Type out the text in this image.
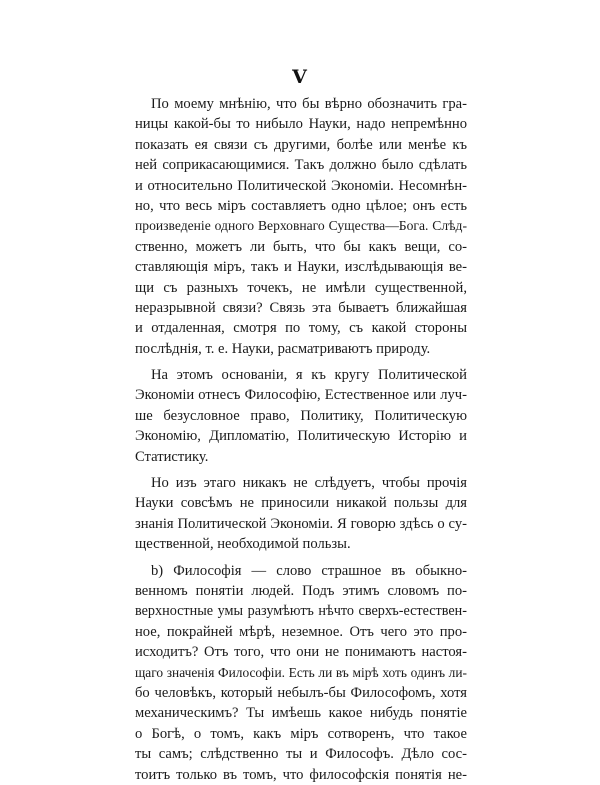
V
По моему мнѣнію, что бы вѣрно обозначить гра-
ницы какой-бы то нибыло Науки, надо непремѣнно
показать ея связи съ другими, болѣе или менѣе къ
ней соприкасающимися. Такъ должно было сдѣлать
и относительно Политической Экономіи. Несомнѣн-
но, что весь міръ составляетъ одно цѣлое; онъ есть
произведеніе одного Верховнаго Существа—Бога. Слѣд-
ственно, можетъ ли быть, что бы какъ вещи, со-
ставляющія міръ, такъ и Науки, изслѣдывающія ве-
щи съ разныхъ точекъ, не имѣли существенной,
неразрывной связи? Связь эта бываетъ ближайшая
и отдаленная, смотря по тому, съ какой стороны
послѣднія, т. е. Науки, расматриваютъ природу.
На этомъ основаніи, я къ кругу Политической
Экономіи отнесъ Философію, Естественное или луч-
ше безусловное право, Политику, Политическую
Экономію, Дипломатію, Политическую Исторію и
Статистику.
Но изъ этаго никакъ не слѣдуетъ, чтобы прочія
Науки совсѣмъ не приносили никакой пользы для
знанія Политической Экономіи. Я говорю здѣсь о су-
щественной, необходимой пользы.
b) Философія — слово страшное въ обыкно-
венномъ понятіи людей. Подъ этимъ словомъ по-
верхностные умы разумѣютъ нѣчто сверхъ-естествен-
ное, покрайней мѣрѣ, неземное. Отъ чего это про-
исходитъ? Отъ того, что они не понимаютъ настоя-
щаго значенія Философіи. Есть ли въ мірѣ хоть одинъ ли-
бо человѣкъ, который небылъ-бы Философомъ, хотя
механическимъ? Ты имѣешь какое нибудь понятіе
о Богѣ, о томъ, какъ міръ сотворенъ, что такое
ты самъ; слѣдственно ты и Философъ. Дѣло сос-
тоитъ только въ томъ, что философскія понятія не-
